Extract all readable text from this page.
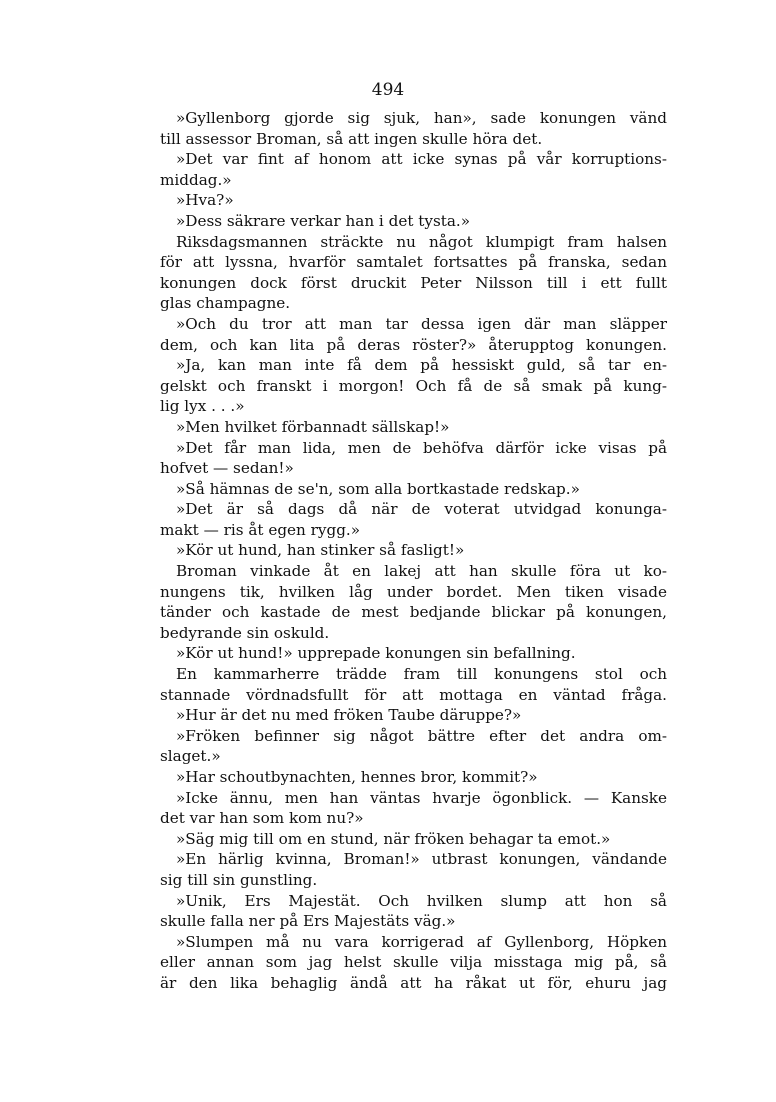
494
»Gyllenborg gjorde sig sjuk, han», sade konungen vänd
till assessor Broman, så att ingen skulle höra det.
»Det var fint af honom att icke synas på vår korruptions-
middag.»
»Hva?»
»Dess säkrare verkar han i det tysta.»
Riksdagsmannen sträckte nu något klumpigt fram halsen
för att lyssna, hvarför samtalet fortsattes på franska, sedan
konungen dock först druckit Peter Nilsson till i ett fullt
glas champagne.
»Och du tror att man tar dessa igen där man släpper
dem, och kan lita på deras röster?» återupptog konungen.
»Ja, kan man inte få dem på hessiskt guld, så tar en-
gelskt och franskt i morgon! Och få de så smak på kung-
lig lyx . . .»
»Men hvilket förbannadt sällskap!»
»Det får man lida, men de behöfva därför icke visas på
hofvet — sedan!»
»Så hämnas de se'n, som alla bortkastade redskap.»
»Det är så dags då när de voterat utvidgad konunga-
makt — ris åt egen rygg.»
»Kör ut hund, han stinker så fasligt!»
Broman vinkade åt en lakej att han skulle föra ut ko-
nungens tik, hvilken låg under bordet. Men tiken visade
tänder och kastade de mest bedjande blickar på konungen,
bedyrande sin oskuld.
»Kör ut hund!» upprepade konungen sin befallning.
En kammarherre trädde fram till konungens stol och
stannade vördnadsfullt för att mottaga en väntad fråga.
»Hur är det nu med fröken Taube däruppe?»
»Fröken befinner sig något bättre efter det andra om-
slaget.»
»Har schoutbynachten, hennes bror, kommit?»
»Icke ännu, men han väntas hvarje ögonblick. — Kanske
det var han som kom nu?»
»Säg mig till om en stund, när fröken behagar ta emot.»
»En härlig kvinna, Broman!» utbrast konungen, vändande
sig till sin gunstling.
»Unik, Ers Majestät. Och hvilken slump att hon så
skulle falla ner på Ers Majestäts väg.»
»Slumpen må nu vara korrigerad af Gyllenborg, Höpken
eller annan som jag helst skulle vilja misstaga mig på, så
är den lika behaglig ändå att ha råkat ut för, ehuru jag
